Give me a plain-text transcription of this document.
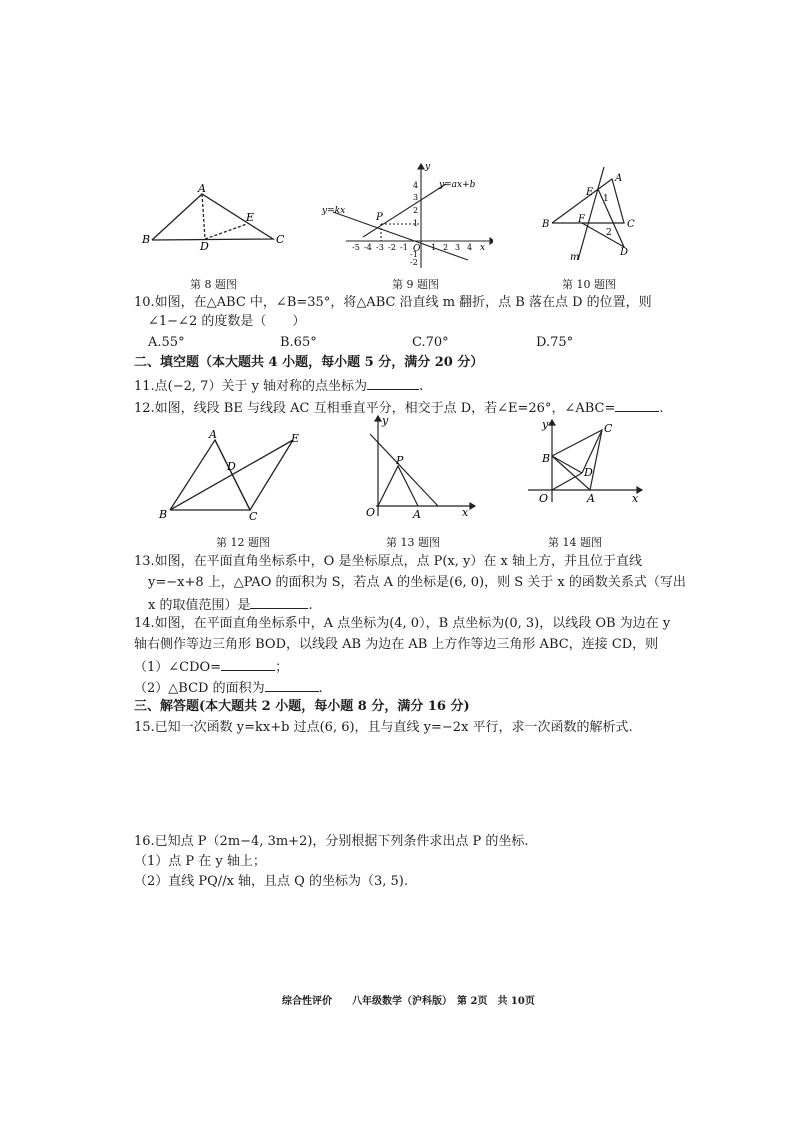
A
B	C
D
E
第 8 题图
y=ax+b
y=kx
P
O	x
y
-5 -4 -3 -2 -1	1 2 3 4
4
3
2
1
-1
-2
第 9 题图
A
B	C
D
E
F
m
1
2
第 10 题图
10.如图，在△ABC 中，∠B=35°，将△ABC 沿直线 m 翻折，点 B 落在点 D 的位置，则
∠1−∠2 的度数是（　　）
A.55°	B.65°	C.70°	D.75°
二、填空题（本大题共 4 小题，每小题 5 分，满分 20 分）
11.点(−2, 7）关于 y 轴对称的点坐标为	.
12.如图，线段 BE 与线段 AC 互相垂直平分，相交于点 D，若∠E=26°，∠ABC=	.
A
B	C
D
E
第 12 题图
P
O	A	x
y
第 13 题图
B
C
D
O	A	x
y
第 14 题图
13.如图，在平面直角坐标系中，O 是坐标原点，点 P(x, y）在 x 轴上方，并且位于直线
y=−x+8 上，△PAO 的面积为 S，若点 A 的坐标是(6, 0)，则 S 关于 x 的函数关系式（写出
x 的取值范围）是	.
14.如图，在平面直角坐标系中，A 点坐标为(4, 0），B 点坐标为(0, 3)，以线段 OB 为边在 y
轴右侧作等边三角形 BOD，以线段 AB 为边在 AB 上方作等边三角形 ABC，连接 CD，则
（1）∠CDO=	；
（2）△BCD 的面积为	.
三、解答题(本大题共 2 小题，每小题 8 分，满分 16 分)
15.已知一次函数 y=kx+b 过点(6, 6)，且与直线 y=−2x 平行，求一次函数的解析式.
16.已知点 P（2m−4, 3m+2)，分别根据下列条件求出点 P 的坐标.
（1）点 P 在 y 轴上；
（2）直线 PQ//x 轴，且点 Q 的坐标为（3, 5).
综合性评价　　八年级数学（沪科版）　第 2页　共 10页
